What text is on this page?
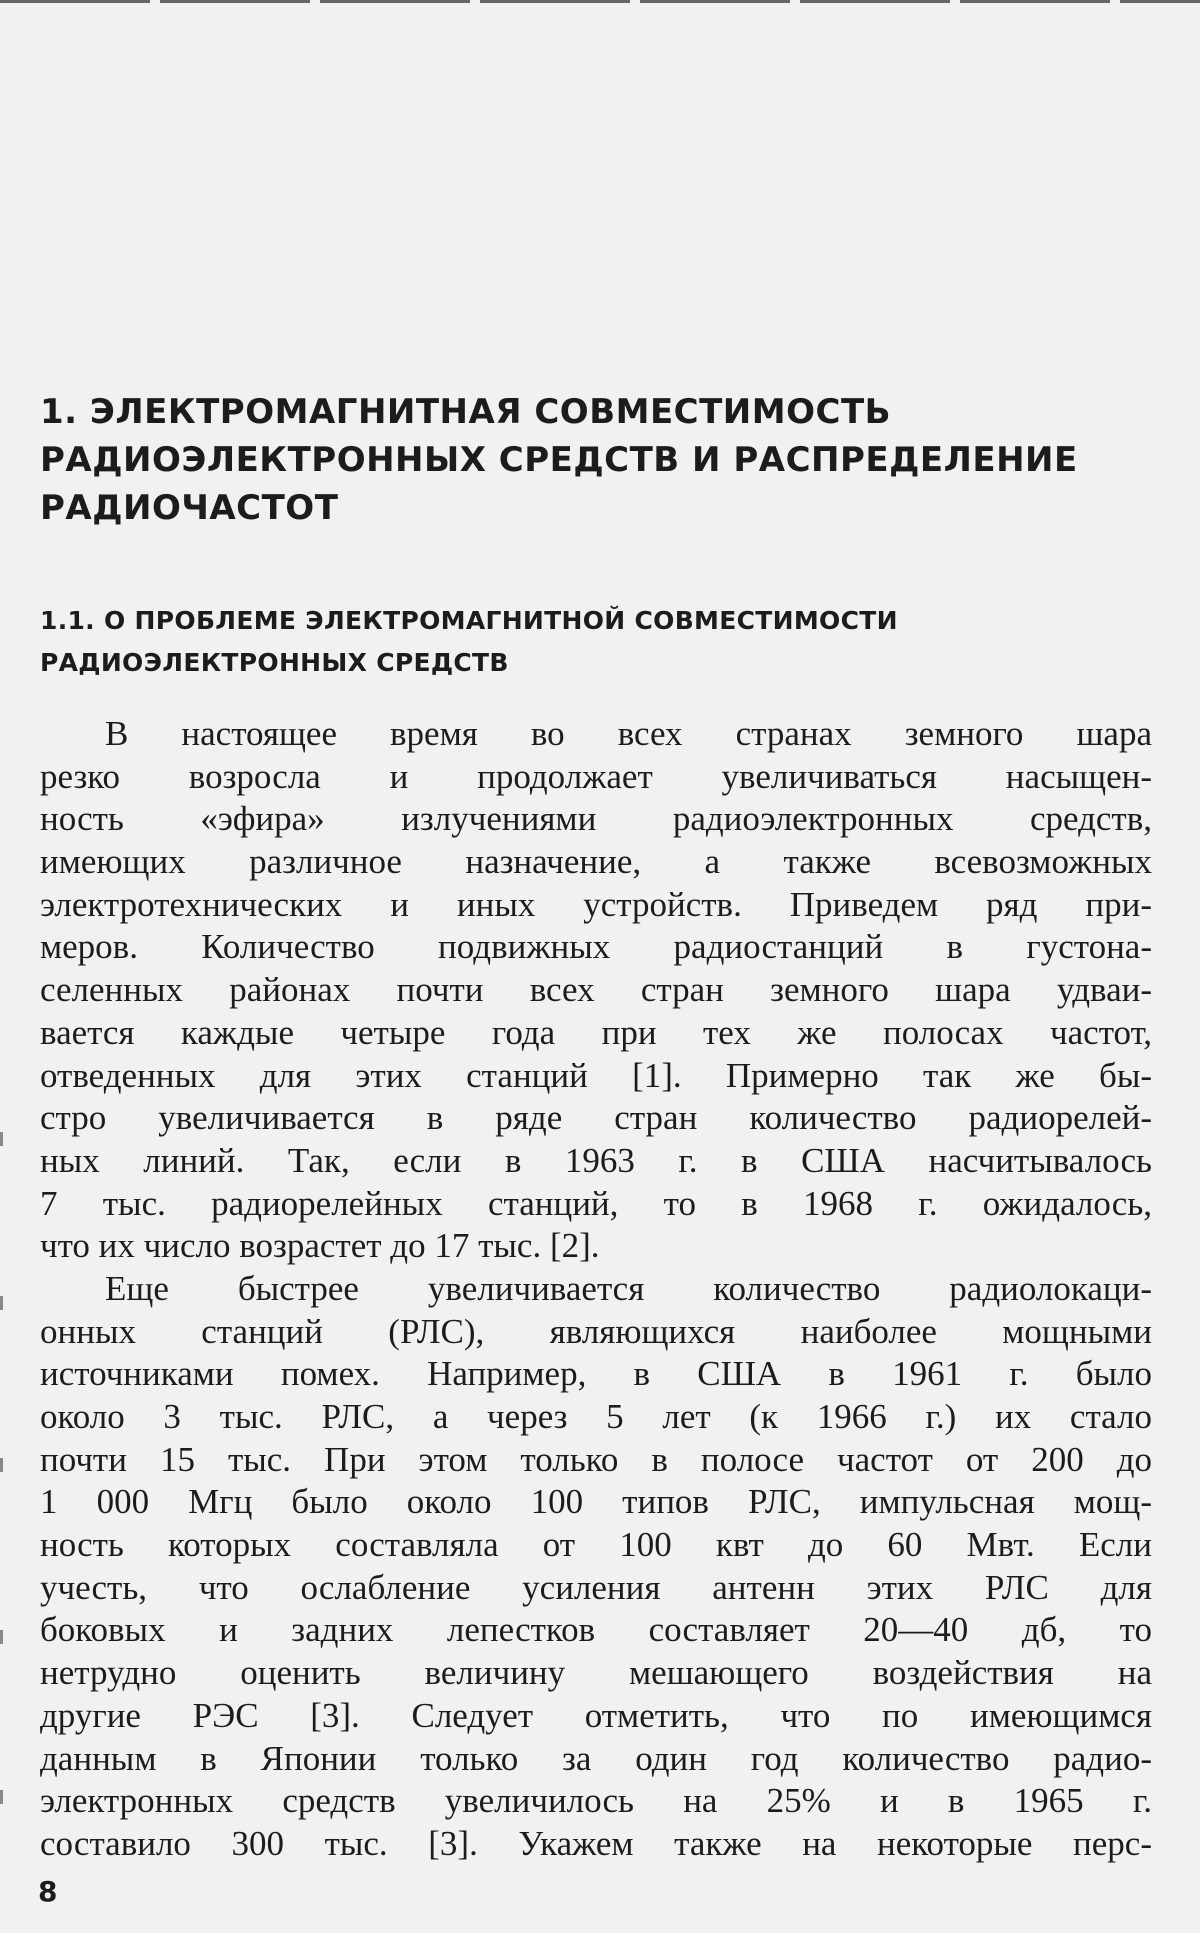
1. ЭЛЕКТРОМАГНИТНАЯ СОВМЕСТИМОСТЬ
РАДИОЭЛЕКТРОННЫХ СРЕДСТВ И РАСПРЕДЕЛЕНИЕ
РАДИОЧАСТОТ
1.1. О ПРОБЛЕМЕ ЭЛЕКТРОМАГНИТНОЙ СОВМЕСТИМОСТИ
РАДИОЭЛЕКТРОННЫХ СРЕДСТВ
В настоящее время во всех странах земного шара
резко возросла и продолжает увеличиваться насыщен-
ность «эфира» излучениями радиоэлектронных средств,
имеющих различное назначение, а также всевозможных
электротехнических и иных устройств. Приведем ряд при-
меров. Количество подвижных радиостанций в густона-
селенных районах почти всех стран земного шара удваи-
вается каждые четыре года при тех же полосах частот,
отведенных для этих станций [1]. Примерно так же бы-
стро увеличивается в ряде стран количество радиорелей-
ных линий. Так, если в 1963 г. в США насчитывалось
7 тыс. радиорелейных станций, то в 1968 г. ожидалось,
что их число возрастет до 17 тыс. [2].
Еще быстрее увеличивается количество радиолокаци-
онных станций (РЛС), являющихся наиболее мощными
источниками помех. Например, в США в 1961 г. было
около 3 тыс. РЛС, а через 5 лет (к 1966 г.) их стало
почти 15 тыс. При этом только в полосе частот от 200 до
1 000 Мгц было около 100 типов РЛС, импульсная мощ-
ность которых составляла от 100 квт до 60 Мвт. Если
учесть, что ослабление усиления антенн этих РЛС для
боковых и задних лепестков составляет 20—40 дб, то
нетрудно оценить величину мешающего воздействия на
другие РЭС [3]. Следует отметить, что по имеющимся
данным в Японии только за один год количество радио-
электронных средств увеличилось на 25% и в 1965 г.
составило 300 тыс. [3]. Укажем также на некоторые перс-
8
